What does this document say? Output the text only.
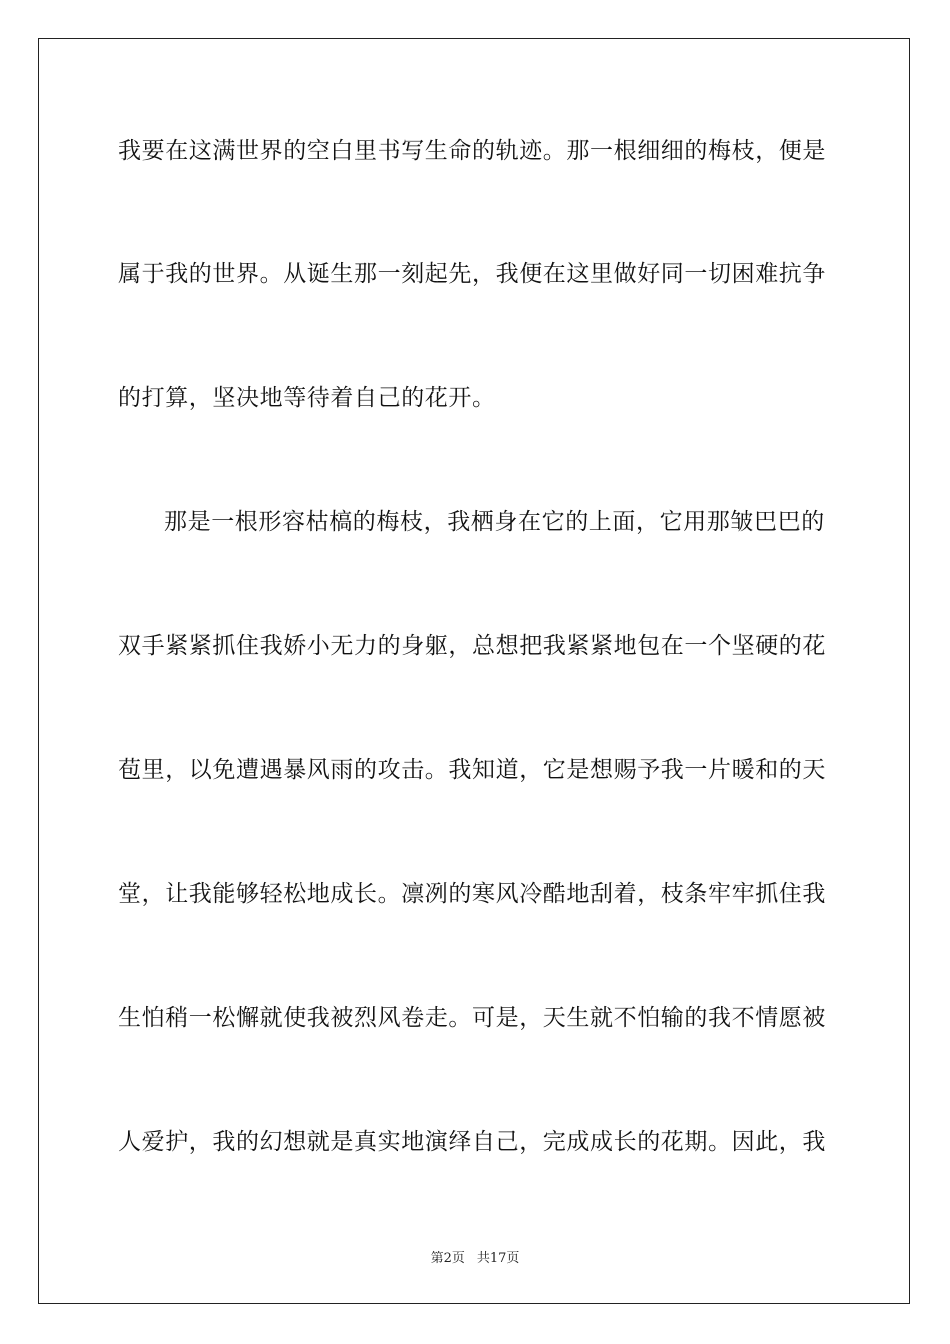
我要在这满世界的空白里书写生命的轨迹。那一根细细的梅枝，便是
属于我的世界。从诞生那一刻起先，我便在这里做好同一切困难抗争
的打算，坚决地等待着自己的花开。
那是一根形容枯槁的梅枝，我栖身在它的上面，它用那皱巴巴的
双手紧紧抓住我娇小无力的身躯，总想把我紧紧地包在一个坚硬的花
苞里，以免遭遇暴风雨的攻击。我知道，它是想赐予我一片暖和的天
堂，让我能够轻松地成长。凛冽的寒风冷酷地刮着，枝条牢牢抓住我
生怕稍一松懈就使我被烈风卷走。可是，天生就不怕输的我不情愿被
人爱护，我的幻想就是真实地演绎自己，完成成长的花期。因此，我
第2页 共17页
